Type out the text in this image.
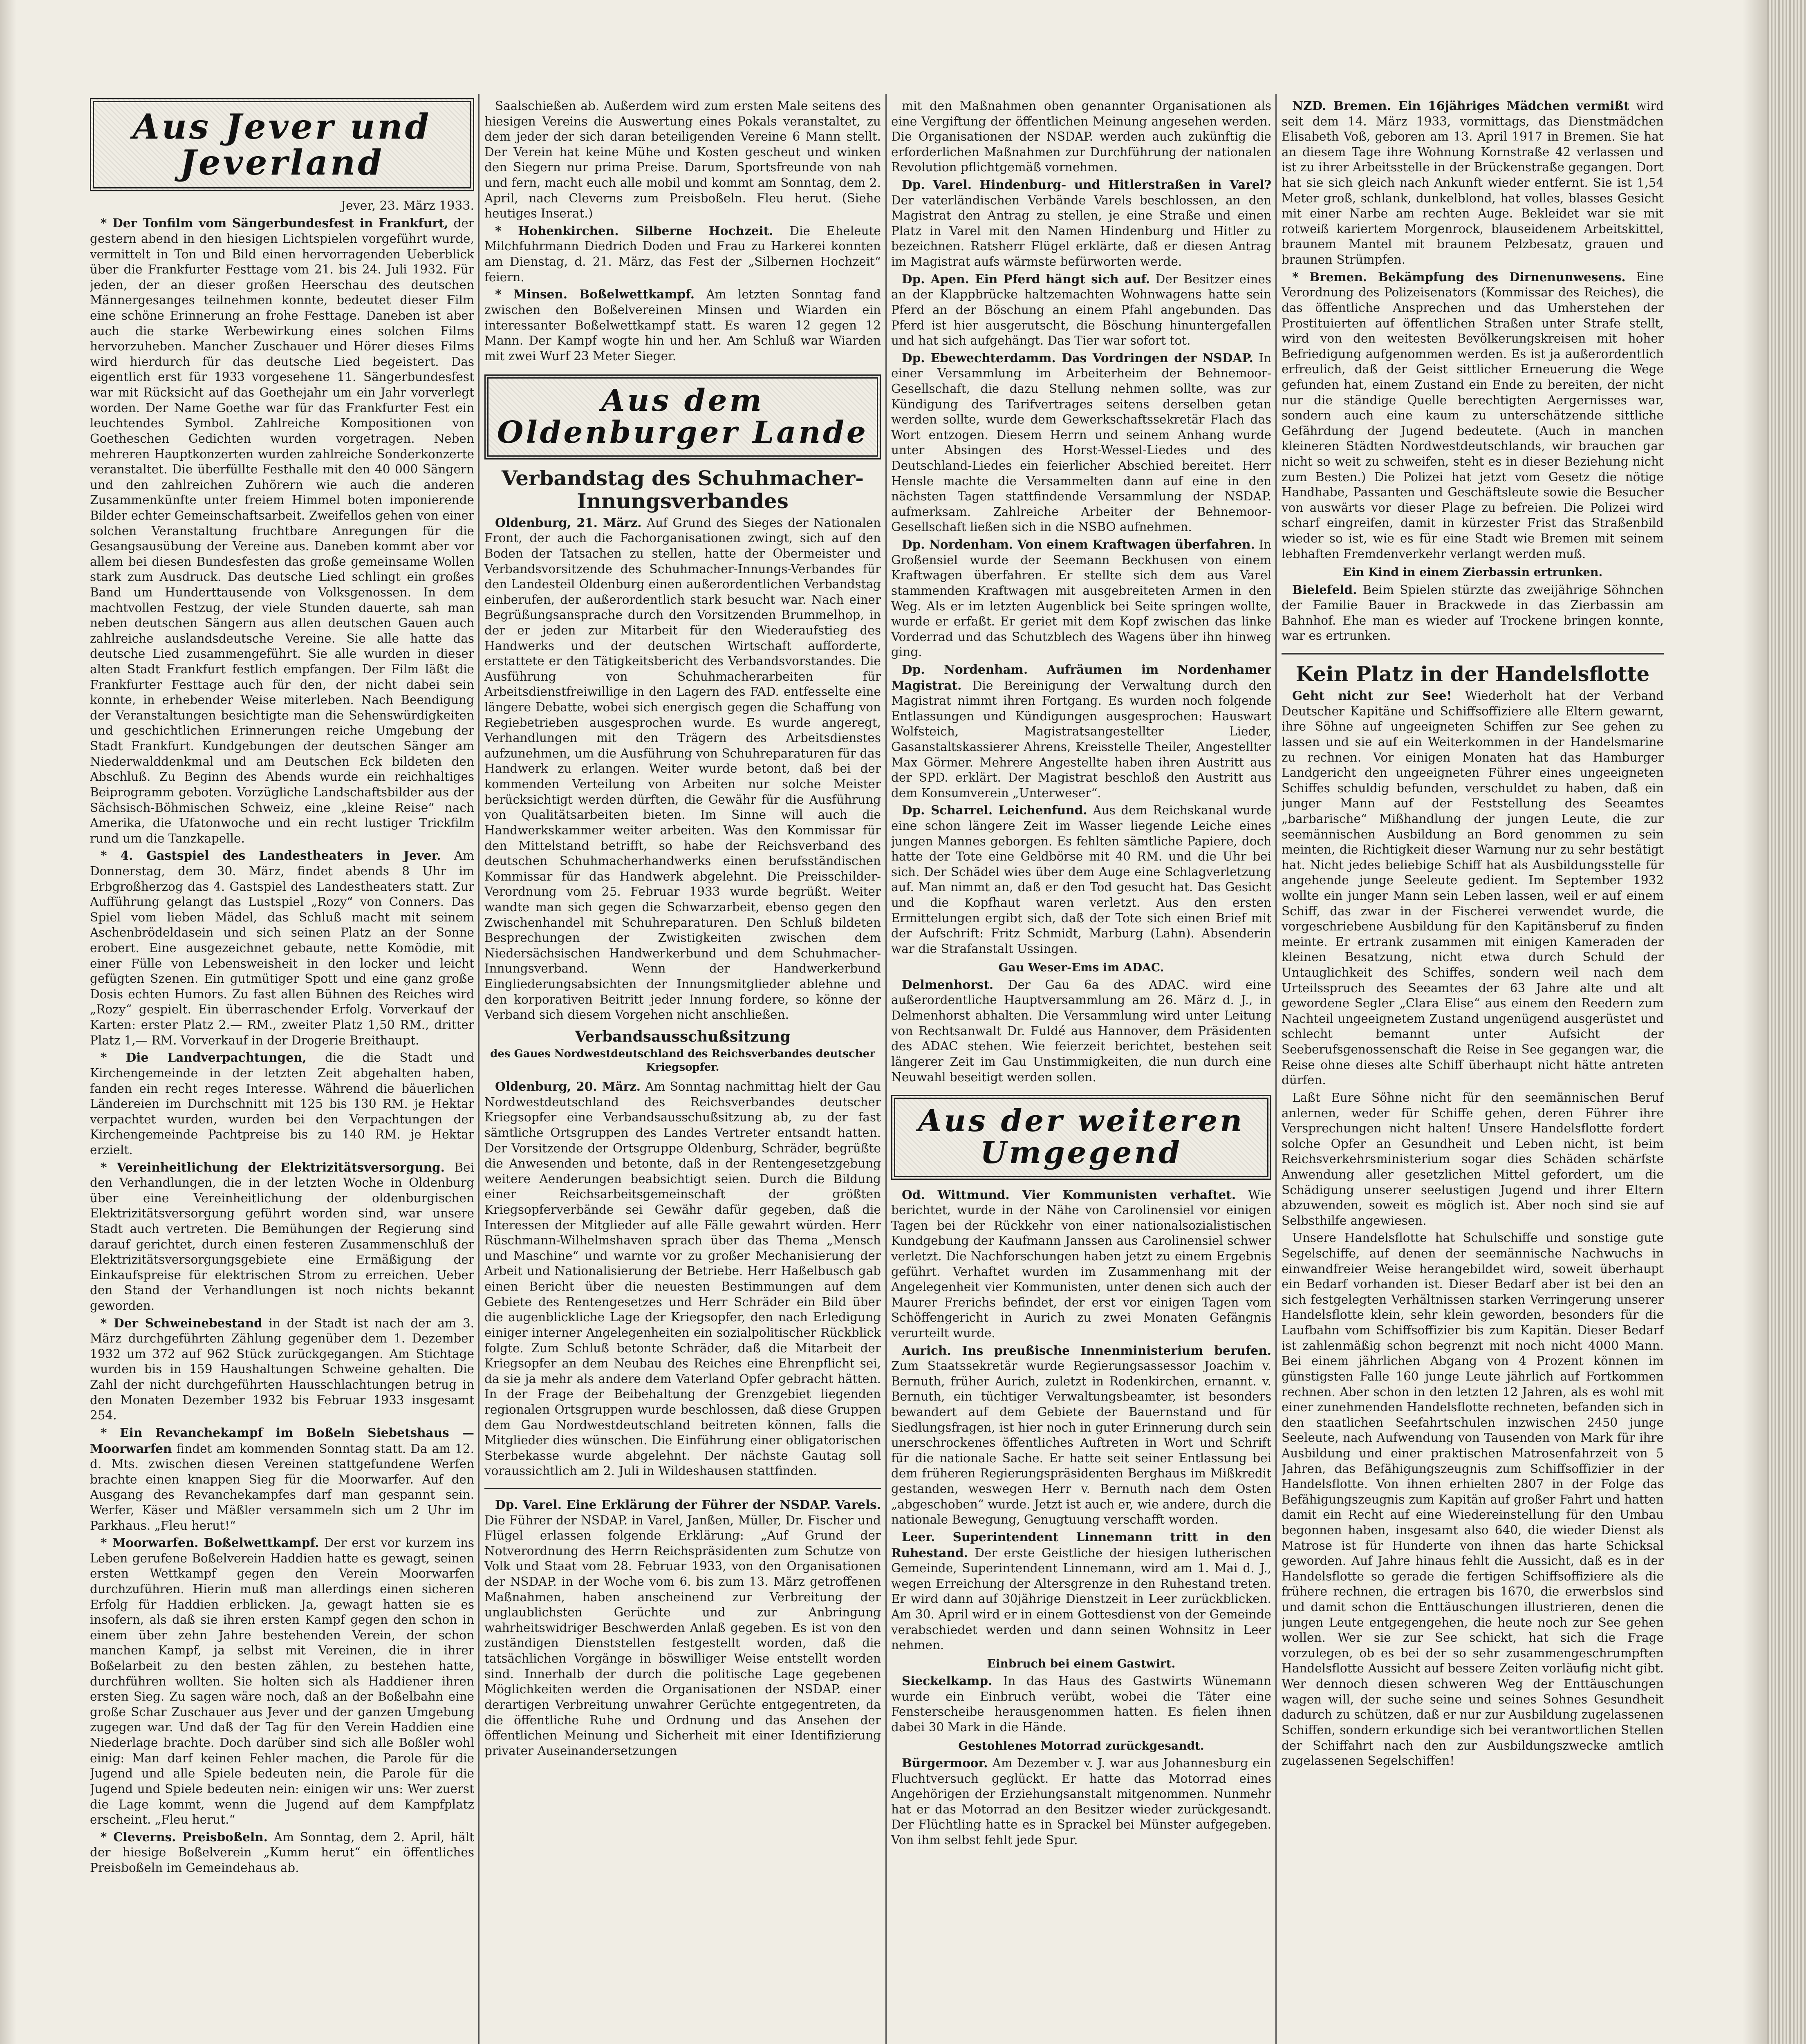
Aus Jever und Jeverland
Jever, 23. März 1933.

* Der Tonfilm vom Sängerbundesfest in Frankfurt, der gestern abend in den hiesigen Lichtspielen vorgeführt wurde, vermittelt in Ton und Bild einen hervorragenden Ueberblick über die Frankfurter Festtage vom 21. bis 24. Juli 1932. Für jeden, der an dieser großen Heerschau des deutschen Männergesanges teilnehmen konnte, bedeutet dieser Film eine schöne Erinnerung an frohe Festtage. Daneben ist aber auch die starke Werbewirkung eines solchen Films hervorzuheben. Mancher Zuschauer und Hörer dieses Films wird hierdurch für das deutsche Lied begeistert. Das eigentlich erst für 1933 vorgesehene 11. Sängerbundesfest war mit Rücksicht auf das Goethejahr um ein Jahr vorverlegt worden. Der Name Goethe war für das Frankfurter Fest ein leuchtendes Symbol. Zahlreiche Kompositionen von Goetheschen Gedichten wurden vorgetragen. Neben mehreren Hauptkonzerten wurden zahlreiche Sonderkonzerte veranstaltet. Die überfüllte Festhalle mit den 40 000 Sängern und den zahlreichen Zuhörern wie auch die anderen Zusammenkünfte unter freiem Himmel boten imponierende Bilder echter Gemeinschaftsarbeit. Zweifellos gehen von einer solchen Veranstaltung fruchtbare Anregungen für die Gesangsausübung der Vereine aus. Daneben kommt aber vor allem bei diesen Bundesfesten das große gemeinsame Wollen stark zum Ausdruck. Das deutsche Lied schlingt ein großes Band um Hunderttausende von Volksgenossen. In dem machtvollen Festzug, der viele Stunden dauerte, sah man neben deutschen Sängern aus allen deutschen Gauen auch zahlreiche auslandsdeutsche Vereine. Sie alle hatte das deutsche Lied zusammengeführt. Sie alle wurden in dieser alten Stadt Frankfurt festlich empfangen. Der Film läßt die Frankfurter Festtage auch für den, der nicht dabei sein konnte, in erhebender Weise miterleben. Nach Beendigung der Veranstaltungen besichtigte man die Sehenswürdigkeiten und geschichtlichen Erinnerungen reiche Umgebung der Stadt Frankfurt. Kundgebungen der deutschen Sänger am Niederwalddenkmal und am Deutschen Eck bildeten den Abschluß. Zu Beginn des Abends wurde ein reichhaltiges Beiprogramm geboten. Vorzügliche Landschaftsbilder aus der Sächsisch-Böhmischen Schweiz, eine „kleine Reise“ nach Amerika, die Ufatonwoche und ein recht lustiger Trickfilm rund um die Tanzkapelle.

* 4. Gastspiel des Landestheaters in Jever. Am Donnerstag, dem 30. März, findet abends 8 Uhr im Erbgroßherzog das 4. Gastspiel des Landestheaters statt. Zur Aufführung gelangt das Lustspiel „Rozy“ von Conners. Das Spiel vom lieben Mädel, das Schluß macht mit seinem Aschenbrödeldasein und sich seinen Platz an der Sonne erobert. Eine ausgezeichnet gebaute, nette Komödie, mit einer Fülle von Lebensweisheit in den locker und leicht gefügten Szenen. Ein gutmütiger Spott und eine ganz große Dosis echten Humors. Zu fast allen Bühnen des Reiches wird „Rozy“ gespielt. Ein überraschender Erfolg. Vorverkauf der Karten: erster Platz 2.— RM., zweiter Platz 1,50 RM., dritter Platz 1,— RM. Vorverkauf in der Drogerie Breithaupt.

* Die Landverpachtungen, die die Stadt und Kirchengemeinde in der letzten Zeit abgehalten haben, fanden ein recht reges Interesse. Während die bäuerlichen Ländereien im Durchschnitt mit 125 bis 130 RM. je Hektar verpachtet wurden, wurden bei den Verpachtungen der Kirchengemeinde Pachtpreise bis zu 140 RM. je Hektar erzielt.

* Vereinheitlichung der Elektrizitätsversorgung. Bei den Verhandlungen, die in der letzten Woche in Oldenburg über eine Vereinheitlichung der oldenburgischen Elektrizitätsversorgung geführt worden sind, war unsere Stadt auch vertreten. Die Bemühungen der Regierung sind darauf gerichtet, durch einen festeren Zusammenschluß der Elektrizitätsversorgungsgebiete eine Ermäßigung der Einkaufspreise für elektrischen Strom zu erreichen. Ueber den Stand der Verhandlungen ist noch nichts bekannt geworden.

* Der Schweinebestand in der Stadt ist nach der am 3. März durchgeführten Zählung gegenüber dem 1. Dezember 1932 um 372 auf 962 Stück zurückgegangen. Am Stichtage wurden bis in 159 Haushaltungen Schweine gehalten. Die Zahl der nicht durchgeführten Hausschlachtungen betrug in den Monaten Dezember 1932 bis Februar 1933 insgesamt 254.

* Ein Revanchekampf im Boßeln Siebetshaus — Moorwarfen findet am kommenden Sonntag statt. Da am 12. d. Mts. zwischen diesen Vereinen stattgefundene Werfen brachte einen knappen Sieg für die Moorwarfer. Auf den Ausgang des Revanchekampfes darf man gespannt sein. Werfer, Käser und Mäßler versammeln sich um 2 Uhr im Parkhaus. „Fleu herut!“

* Moorwarfen. Boßelwettkampf. Der erst vor kurzem ins Leben gerufene Boßelverein Haddien hatte es gewagt, seinen ersten Wettkampf gegen den Verein Moorwarfen durchzuführen. Hierin muß man allerdings einen sicheren Erfolg für Haddien erblicken. Ja, gewagt hatten sie es insofern, als daß sie ihren ersten Kampf gegen den schon in einem über zehn Jahre bestehenden Verein, der schon manchen Kampf, ja selbst mit Vereinen, die in ihrer Boßelarbeit zu den besten zählen, zu bestehen hatte, durchführen wollten. Sie holten sich als Haddiener ihren ersten Sieg. Zu sagen wäre noch, daß an der Boßelbahn eine große Schar Zuschauer aus Jever und der ganzen Umgebung zugegen war. Und daß der Tag für den Verein Haddien eine Niederlage brachte. Doch darüber sind sich alle Boßler wohl einig: Man darf keinen Fehler machen, die Parole für die Jugend und alle Spiele bedeuten nein, die Parole für die Jugend und Spiele bedeuten nein: einigen wir uns: Wer zuerst die Lage kommt, wenn die Jugend auf dem Kampfplatz erscheint. „Fleu herut.“

* Cleverns. Preisboßeln. Am Sonntag, dem 2. April, hält der hiesige Boßelverein „Kumm herut“ ein öffentliches Preisboßeln im Gemeindehaus ab.

Saalschießen ab. Außerdem wird zum ersten Male seitens des hiesigen Vereins die Auswertung eines Pokals veranstaltet, zu dem jeder der sich daran beteiligenden Vereine 6 Mann stellt. Der Verein hat keine Mühe und Kosten gescheut und winken den Siegern nur prima Preise. Darum, Sportsfreunde von nah und fern, macht euch alle mobil und kommt am Sonntag, dem 2. April, nach Cleverns zum Preisboßeln. Fleu herut. (Siehe heutiges Inserat.)

* Hohenkirchen. Silberne Hochzeit. Die Eheleute Milchfuhrmann Diedrich Doden und Frau zu Harkerei konnten am Dienstag, d. 21. März, das Fest der „Silbernen Hochzeit“ feiern.

* Minsen. Boßelwettkampf. Am letzten Sonntag fand zwischen den Boßelvereinen Minsen und Wiarden ein interessanter Boßelwettkampf statt. Es waren 12 gegen 12 Mann. Der Kampf wogte hin und her. Am Schluß war Wiarden mit zwei Wurf 23 Meter Sieger.

Aus dem Oldenburger Lande
Verbandstag des Schuhmacher-Innungsverbandes

Oldenburg, 21. März. Auf Grund des Sieges der Nationalen Front, der auch die Fachorganisationen zwingt, sich auf den Boden der Tatsachen zu stellen, hatte der Obermeister und Verbandsvorsitzende des Schuhmacher-Innungs-Verbandes für den Landesteil Oldenburg einen außerordentlichen Verbandstag einberufen, der außerordentlich stark besucht war. Nach einer Begrüßungsansprache durch den Vorsitzenden Brummelhop, in der er jeden zur Mitarbeit für den Wiederaufstieg des Handwerks und der deutschen Wirtschaft aufforderte, erstattete er den Tätigkeitsbericht des Verbandsvorstandes. Die Ausführung von Schuhmacherarbeiten für Arbeitsdienstfreiwillige in den Lagern des FAD. entfesselte eine längere Debatte, wobei sich energisch gegen die Schaffung von Regiebetrieben ausgesprochen wurde. Es wurde angeregt, Verhandlungen mit den Trägern des Arbeitsdienstes aufzunehmen, um die Ausführung von Schuhreparaturen für das Handwerk zu erlangen. Weiter wurde betont, daß bei der kommenden Verteilung von Arbeiten nur solche Meister berücksichtigt werden dürften, die Gewähr für die Ausführung von Qualitätsarbeiten bieten. Im Sinne will auch die Handwerkskammer weiter arbeiten. Was den Kommissar für den Mittelstand betrifft, so habe der Reichsverband des deutschen Schuhmacherhandwerks einen berufsständischen Kommissar für das Handwerk abgelehnt. Die Preisschilder-Verordnung vom 25. Februar 1933 wurde begrüßt. Weiter wandte man sich gegen die Schwarzarbeit, ebenso gegen den Zwischenhandel mit Schuhreparaturen. Den Schluß bildeten Besprechungen der Zwistigkeiten zwischen dem Niedersächsischen Handwerkerbund und dem Schuhmacher-Innungsverband. Wenn der Handwerkerbund Eingliederungsabsichten der Innungsmitglieder ablehne und den korporativen Beitritt jeder Innung fordere, so könne der Verband sich diesem Vorgehen nicht anschließen.

Verbandsausschußsitzung
des Gaues Nordwestdeutschland des Reichsverbandes deutscher Kriegsopfer.

Oldenburg, 20. März. Am Sonntag nachmittag hielt der Gau Nordwestdeutschland des Reichsverbandes deutscher Kriegsopfer eine Verbandsausschußsitzung ab, zu der fast sämtliche Ortsgruppen des Landes Vertreter entsandt hatten. Der Vorsitzende der Ortsgruppe Oldenburg, Schräder, begrüßte die Anwesenden und betonte, daß in der Rentengesetzgebung weitere Aenderungen beabsichtigt seien. Durch die Bildung einer Reichsarbeitsgemeinschaft der größten Kriegsopferverbände sei Gewähr dafür gegeben, daß die Interessen der Mitglieder auf alle Fälle gewahrt würden. Herr Rüschmann-Wilhelmshaven sprach über das Thema „Mensch und Maschine“ und warnte vor zu großer Mechanisierung der Arbeit und Nationalisierung der Betriebe. Herr Haßelbusch gab einen Bericht über die neuesten Bestimmungen auf dem Gebiete des Rentengesetzes und Herr Schräder ein Bild über die augenblickliche Lage der Kriegsopfer, den nach Erledigung einiger interner Angelegenheiten ein sozialpolitischer Rückblick folgte. Zum Schluß betonte Schräder, daß die Mitarbeit der Kriegsopfer an dem Neubau des Reiches eine Ehrenpflicht sei, da sie ja mehr als andere dem Vaterland Opfer gebracht hätten. In der Frage der Beibehaltung der Grenzgebiet liegenden regionalen Ortsgruppen wurde beschlossen, daß diese Gruppen dem Gau Nordwestdeutschland beitreten können, falls die Mitglieder dies wünschen. Die Einführung einer obligatorischen Sterbekasse wurde abgelehnt. Der nächste Gautag soll voraussichtlich am 2. Juli in Wildeshausen stattfinden.

Dp. Varel. Eine Erklärung der Führer der NSDAP. Varels. Die Führer der NSDAP. in Varel, Janßen, Müller, Dr. Fischer und Flügel erlassen folgende Erklärung: „Auf Grund der Notverordnung des Herrn Reichspräsidenten zum Schutze von Volk und Staat vom 28. Februar 1933, von den Organisationen der NSDAP. in der Woche vom 6. bis zum 13. März getroffenen Maßnahmen, haben anscheinend zur Verbreitung der unglaublichsten Gerüchte und zur Anbringung wahrheitswidriger Beschwerden Anlaß gegeben. Es ist von den zuständigen Dienststellen festgestellt worden, daß die tatsächlichen Vorgänge in böswilliger Weise entstellt worden sind. Innerhalb der durch die politische Lage gegebenen Möglichkeiten werden die Organisationen der NSDAP. einer derartigen Verbreitung unwahrer Gerüchte entgegentreten, da die öffentliche Ruhe und Ordnung und das Ansehen der öffentlichen Meinung und Sicherheit mit einer Identifizierung privater Auseinandersetzungen

mit den Maßnahmen oben genannter Organisationen als eine Vergiftung der öffentlichen Meinung angesehen werden. Die Organisationen der NSDAP. werden auch zukünftig die erforderlichen Maßnahmen zur Durchführung der nationalen Revolution pflichtgemäß vornehmen.

Dp. Varel. Hindenburg- und Hitlerstraßen in Varel? Der vaterländischen Verbände Varels beschlossen, an den Magistrat den Antrag zu stellen, je eine Straße und einen Platz in Varel mit den Namen Hindenburg und Hitler zu bezeichnen. Ratsherr Flügel erklärte, daß er diesen Antrag im Magistrat aufs wärmste befürworten werde.

Dp. Apen. Ein Pferd hängt sich auf. Der Besitzer eines an der Klappbrücke haltzemachten Wohnwagens hatte sein Pferd an der Böschung an einem Pfahl angebunden. Das Pferd ist hier ausgerutscht, die Böschung hinuntergefallen und hat sich aufgehängt. Das Tier war sofort tot.

Dp. Ebewechterdamm. Das Vordringen der NSDAP. In einer Versammlung im Arbeiterheim der Behnemoor-Gesellschaft, die dazu Stellung nehmen sollte, was zur Kündigung des Tarifvertrages seitens derselben getan werden sollte, wurde dem Gewerkschaftssekretär Flach das Wort entzogen. Diesem Herrn und seinem Anhang wurde unter Absingen des Horst-Wessel-Liedes und des Deutschland-Liedes ein feierlicher Abschied bereitet. Herr Hensle machte die Versammelten dann auf eine in den nächsten Tagen stattfindende Versammlung der NSDAP. aufmerksam. Zahlreiche Arbeiter der Behnemoor-Gesellschaft ließen sich in die NSBO aufnehmen.

Dp. Nordenham. Von einem Kraftwagen überfahren. In Großensiel wurde der Seemann Beckhusen von einem Kraftwagen überfahren. Er stellte sich dem aus Varel stammenden Kraftwagen mit ausgebreiteten Armen in den Weg. Als er im letzten Augenblick bei Seite springen wollte, wurde er erfaßt. Er geriet mit dem Kopf zwischen das linke Vorderrad und das Schutzblech des Wagens über ihn hinweg ging.

Dp. Nordenham. Aufräumen im Nordenhamer Magistrat. Die Bereinigung der Verwaltung durch den Magistrat nimmt ihren Fortgang. Es wurden noch folgende Entlassungen und Kündigungen ausgesprochen: Hauswart Wolfsteich, Magistratsangestellter Lieder, Gasanstaltskassierer Ahrens, Kreisstelle Theiler, Angestellter Max Görmer. Mehrere Angestellte haben ihren Austritt aus der SPD. erklärt. Der Magistrat beschloß den Austritt aus dem Konsumverein „Unterweser“.

Dp. Scharrel. Leichenfund. Aus dem Reichskanal wurde eine schon längere Zeit im Wasser liegende Leiche eines jungen Mannes geborgen. Es fehlten sämtliche Papiere, doch hatte der Tote eine Geldbörse mit 40 RM. und die Uhr bei sich. Der Schädel wies über dem Auge eine Schlagverletzung auf. Man nimmt an, daß er den Tod gesucht hat. Das Gesicht und die Kopfhaut waren verletzt. Aus den ersten Ermittelungen ergibt sich, daß der Tote sich einen Brief mit der Aufschrift: Fritz Schmidt, Marburg (Lahn). Absenderin war die Strafanstalt Ussingen.

Gau Weser-Ems im ADAC.

Delmenhorst. Der Gau 6a des ADAC. wird eine außerordentliche Hauptversammlung am 26. März d. J., in Delmenhorst abhalten. Die Versammlung wird unter Leitung von Rechtsanwalt Dr. Fuldé aus Hannover, dem Präsidenten des ADAC stehen. Wie feierzeit berichtet, bestehen seit längerer Zeit im Gau Unstimmigkeiten, die nun durch eine Neuwahl beseitigt werden sollen.

Aus der weiteren Umgegend

Od. Wittmund. Vier Kommunisten verhaftet. Wie berichtet, wurde in der Nähe von Carolinensiel vor einigen Tagen bei der Rückkehr von einer nationalsozialistischen Kundgebung der Kaufmann Janssen aus Carolinensiel schwer verletzt. Die Nachforschungen haben jetzt zu einem Ergebnis geführt. Verhaftet wurden im Zusammenhang mit der Angelegenheit vier Kommunisten, unter denen sich auch der Maurer Frerichs befindet, der erst vor einigen Tagen vom Schöffengericht in Aurich zu zwei Monaten Gefängnis verurteilt wurde.

Aurich. Ins preußische Innenministerium berufen. Zum Staatssekretär wurde Regierungsassessor Joachim v. Bernuth, früher Aurich, zuletzt in Rodenkirchen, ernannt. v. Bernuth, ein tüchtiger Verwaltungsbeamter, ist besonders bewandert auf dem Gebiete der Bauernstand und für Siedlungsfragen, ist hier noch in guter Erinnerung durch sein unerschrockenes öffentliches Auftreten in Wort und Schrift für die nationale Sache. Er hatte seit seiner Entlassung bei dem früheren Regierungspräsidenten Berghaus im Mißkredit gestanden, weswegen Herr v. Bernuth nach dem Osten „abgeschoben“ wurde. Jetzt ist auch er, wie andere, durch die nationale Bewegung, Genugtuung verschafft worden.

Leer. Superintendent Linnemann tritt in den Ruhestand. Der erste Geistliche der hiesigen lutherischen Gemeinde, Superintendent Linnemann, wird am 1. Mai d. J., wegen Erreichung der Altersgrenze in den Ruhestand treten. Er wird dann auf 30jährige Dienstzeit in Leer zurückblicken. Am 30. April wird er in einem Gottesdienst von der Gemeinde verabschiedet werden und dann seinen Wohnsitz in Leer nehmen.

Einbruch bei einem Gastwirt.

Sieckelkamp. In das Haus des Gastwirts Wünemann wurde ein Einbruch verübt, wobei die Täter eine Fensterscheibe herausgenommen hatten. Es fielen ihnen dabei 30 Mark in die Hände.

Gestohlenes Motorrad zurückgesandt.

Bürgermoor. Am Dezember v. J. war aus Johannesburg ein Fluchtversuch geglückt. Er hatte das Motorrad eines Angehörigen der Erziehungsanstalt mitgenommen. Nunmehr hat er das Motorrad an den Besitzer wieder zurückgesandt. Der Flüchtling hatte es in Sprackel bei Münster aufgegeben. Von ihm selbst fehlt jede Spur.

NZD. Bremen. Ein 16jähriges Mädchen vermißt wird seit dem 14. März 1933, vormittags, das Dienstmädchen Elisabeth Voß, geboren am 13. April 1917 in Bremen. Sie hat an diesem Tage ihre Wohnung Kornstraße 42 verlassen und ist zu ihrer Arbeitsstelle in der Brückenstraße gegangen. Dort hat sie sich gleich nach Ankunft wieder entfernt. Sie ist 1,54 Meter groß, schlank, dunkelblond, hat volles, blasses Gesicht mit einer Narbe am rechten Auge. Bekleidet war sie mit rotweiß kariertem Morgenrock, blauseidenem Arbeitskittel, braunem Mantel mit braunem Pelzbesatz, grauen und braunen Strümpfen.

* Bremen. Bekämpfung des Dirnenunwesens. Eine Verordnung des Polizeisenators (Kommissar des Reiches), die das öffentliche Ansprechen und das Umherstehen der Prostituierten auf öffentlichen Straßen unter Strafe stellt, wird von den weitesten Bevölkerungskreisen mit hoher Befriedigung aufgenommen werden. Es ist ja außerordentlich erfreulich, daß der Geist sittlicher Erneuerung die Wege gefunden hat, einem Zustand ein Ende zu bereiten, der nicht nur die ständige Quelle berechtigten Aergernisses war, sondern auch eine kaum zu unterschätzende sittliche Gefährdung der Jugend bedeutete. (Auch in manchen kleineren Städten Nordwestdeutschlands, wir brauchen gar nicht so weit zu schweifen, steht es in dieser Beziehung nicht zum Besten.) Die Polizei hat jetzt vom Gesetz die nötige Handhabe, Passanten und Geschäftsleute sowie die Besucher von auswärts vor dieser Plage zu befreien. Die Polizei wird scharf eingreifen, damit in kürzester Frist das Straßenbild wieder so ist, wie es für eine Stadt wie Bremen mit seinem lebhaften Fremdenverkehr verlangt werden muß.

Ein Kind in einem Zierbassin ertrunken.

Bielefeld. Beim Spielen stürzte das zweijährige Söhnchen der Familie Bauer in Brackwede in das Zierbassin am Bahnhof. Ehe man es wieder auf Trockene bringen konnte, war es ertrunken.

Kein Platz in der Handelsflotte

Geht nicht zur See! Wiederholt hat der Verband Deutscher Kapitäne und Schiffsoffiziere alle Eltern gewarnt, ihre Söhne auf ungeeigneten Schiffen zur See gehen zu lassen und sie auf ein Weiterkommen in der Handelsmarine zu rechnen. Vor einigen Monaten hat das Hamburger Landgericht den ungeeigneten Führer eines ungeeigneten Schiffes schuldig befunden, verschuldet zu haben, daß ein junger Mann auf der Feststellung des Seeamtes „barbarische“ Mißhandlung der jungen Leute, die zur seemännischen Ausbildung an Bord genommen zu sein meinten, die Richtigkeit dieser Warnung nur zu sehr bestätigt hat. Nicht jedes beliebige Schiff hat als Ausbildungsstelle für angehende junge Seeleute gedient. Im September 1932 wollte ein junger Mann sein Leben lassen, weil er auf einem Schiff, das zwar in der Fischerei verwendet wurde, die vorgeschriebene Ausbildung für den Kapitänsberuf zu finden meinte. Er ertrank zusammen mit einigen Kameraden der kleinen Besatzung, nicht etwa durch Schuld der Untauglichkeit des Schiffes, sondern weil nach dem Urteilsspruch des Seeamtes der 63 Jahre alte und alt gewordene Segler „Clara Elise“ aus einem den Reedern zum Nachteil ungeeignetem Zustand ungenügend ausgerüstet und schlecht bemannt unter Aufsicht der Seeberufsgenossenschaft die Reise in See gegangen war, die Reise ohne dieses alte Schiff überhaupt nicht hätte antreten dürfen.

Laßt Eure Söhne nicht für den seemännischen Beruf anlernen, weder für Schiffe gehen, deren Führer ihre Versprechungen nicht halten! Unsere Handelsflotte fordert solche Opfer an Gesundheit und Leben nicht, ist beim Reichsverkehrsministerium sogar dies Schäden schärfste Anwendung aller gesetzlichen Mittel gefordert, um die Schädigung unserer seelustigen Jugend und ihrer Eltern abzuwenden, soweit es möglich ist. Aber noch sind sie auf Selbsthilfe angewiesen.

Unsere Handelsflotte hat Schulschiffe und sonstige gute Segelschiffe, auf denen der seemännische Nachwuchs in einwandfreier Weise herangebildet wird, soweit überhaupt ein Bedarf vorhanden ist. Dieser Bedarf aber ist bei den an sich festgelegten Verhältnissen starken Verringerung unserer Handelsflotte klein, sehr klein geworden, besonders für die Laufbahn vom Schiffsoffizier bis zum Kapitän. Dieser Bedarf ist zahlenmäßig schon begrenzt mit noch nicht 4000 Mann. Bei einem jährlichen Abgang von 4 Prozent können im günstigsten Falle 160 junge Leute jährlich auf Fortkommen rechnen. Aber schon in den letzten 12 Jahren, als es wohl mit einer zunehmenden Handelsflotte rechneten, befanden sich in den staatlichen Seefahrtschulen inzwischen 2450 junge Seeleute, nach Aufwendung von Tausenden von Mark für ihre Ausbildung und einer praktischen Matrosenfahrzeit von 5 Jahren, das Befähigungszeugnis zum Schiffsoffizier in der Handelsflotte. Von ihnen erhielten 2807 in der Folge das Befähigungszeugnis zum Kapitän auf großer Fahrt und hatten damit ein Recht auf eine Wiedereinstellung für den Umbau begonnen haben, insgesamt also 640, die wieder Dienst als Matrose ist für Hunderte von ihnen das harte Schicksal geworden. Auf Jahre hinaus fehlt die Aussicht, daß es in der Handelsflotte so gerade die fertigen Schiffsoffiziere als die frühere rechnen, die ertragen bis 1670, die erwerbslos sind und damit schon die Enttäuschungen illustrieren, denen die jungen Leute entgegengehen, die heute noch zur See gehen wollen. Wer sie zur See schickt, hat sich die Frage vorzulegen, ob es bei der so sehr zusammengeschrumpften Handelsflotte Aussicht auf bessere Zeiten vorläufig nicht gibt. Wer dennoch diesen schweren Weg der Enttäuschungen wagen will, der suche seine und seines Sohnes Gesundheit dadurch zu schützen, daß er nur zur Ausbildung zugelassenen Schiffen, sondern erkundige sich bei verantwortlichen Stellen der Schiffahrt nach den zur Ausbildungszwecke amtlich zugelassenen Segelschiffen!
